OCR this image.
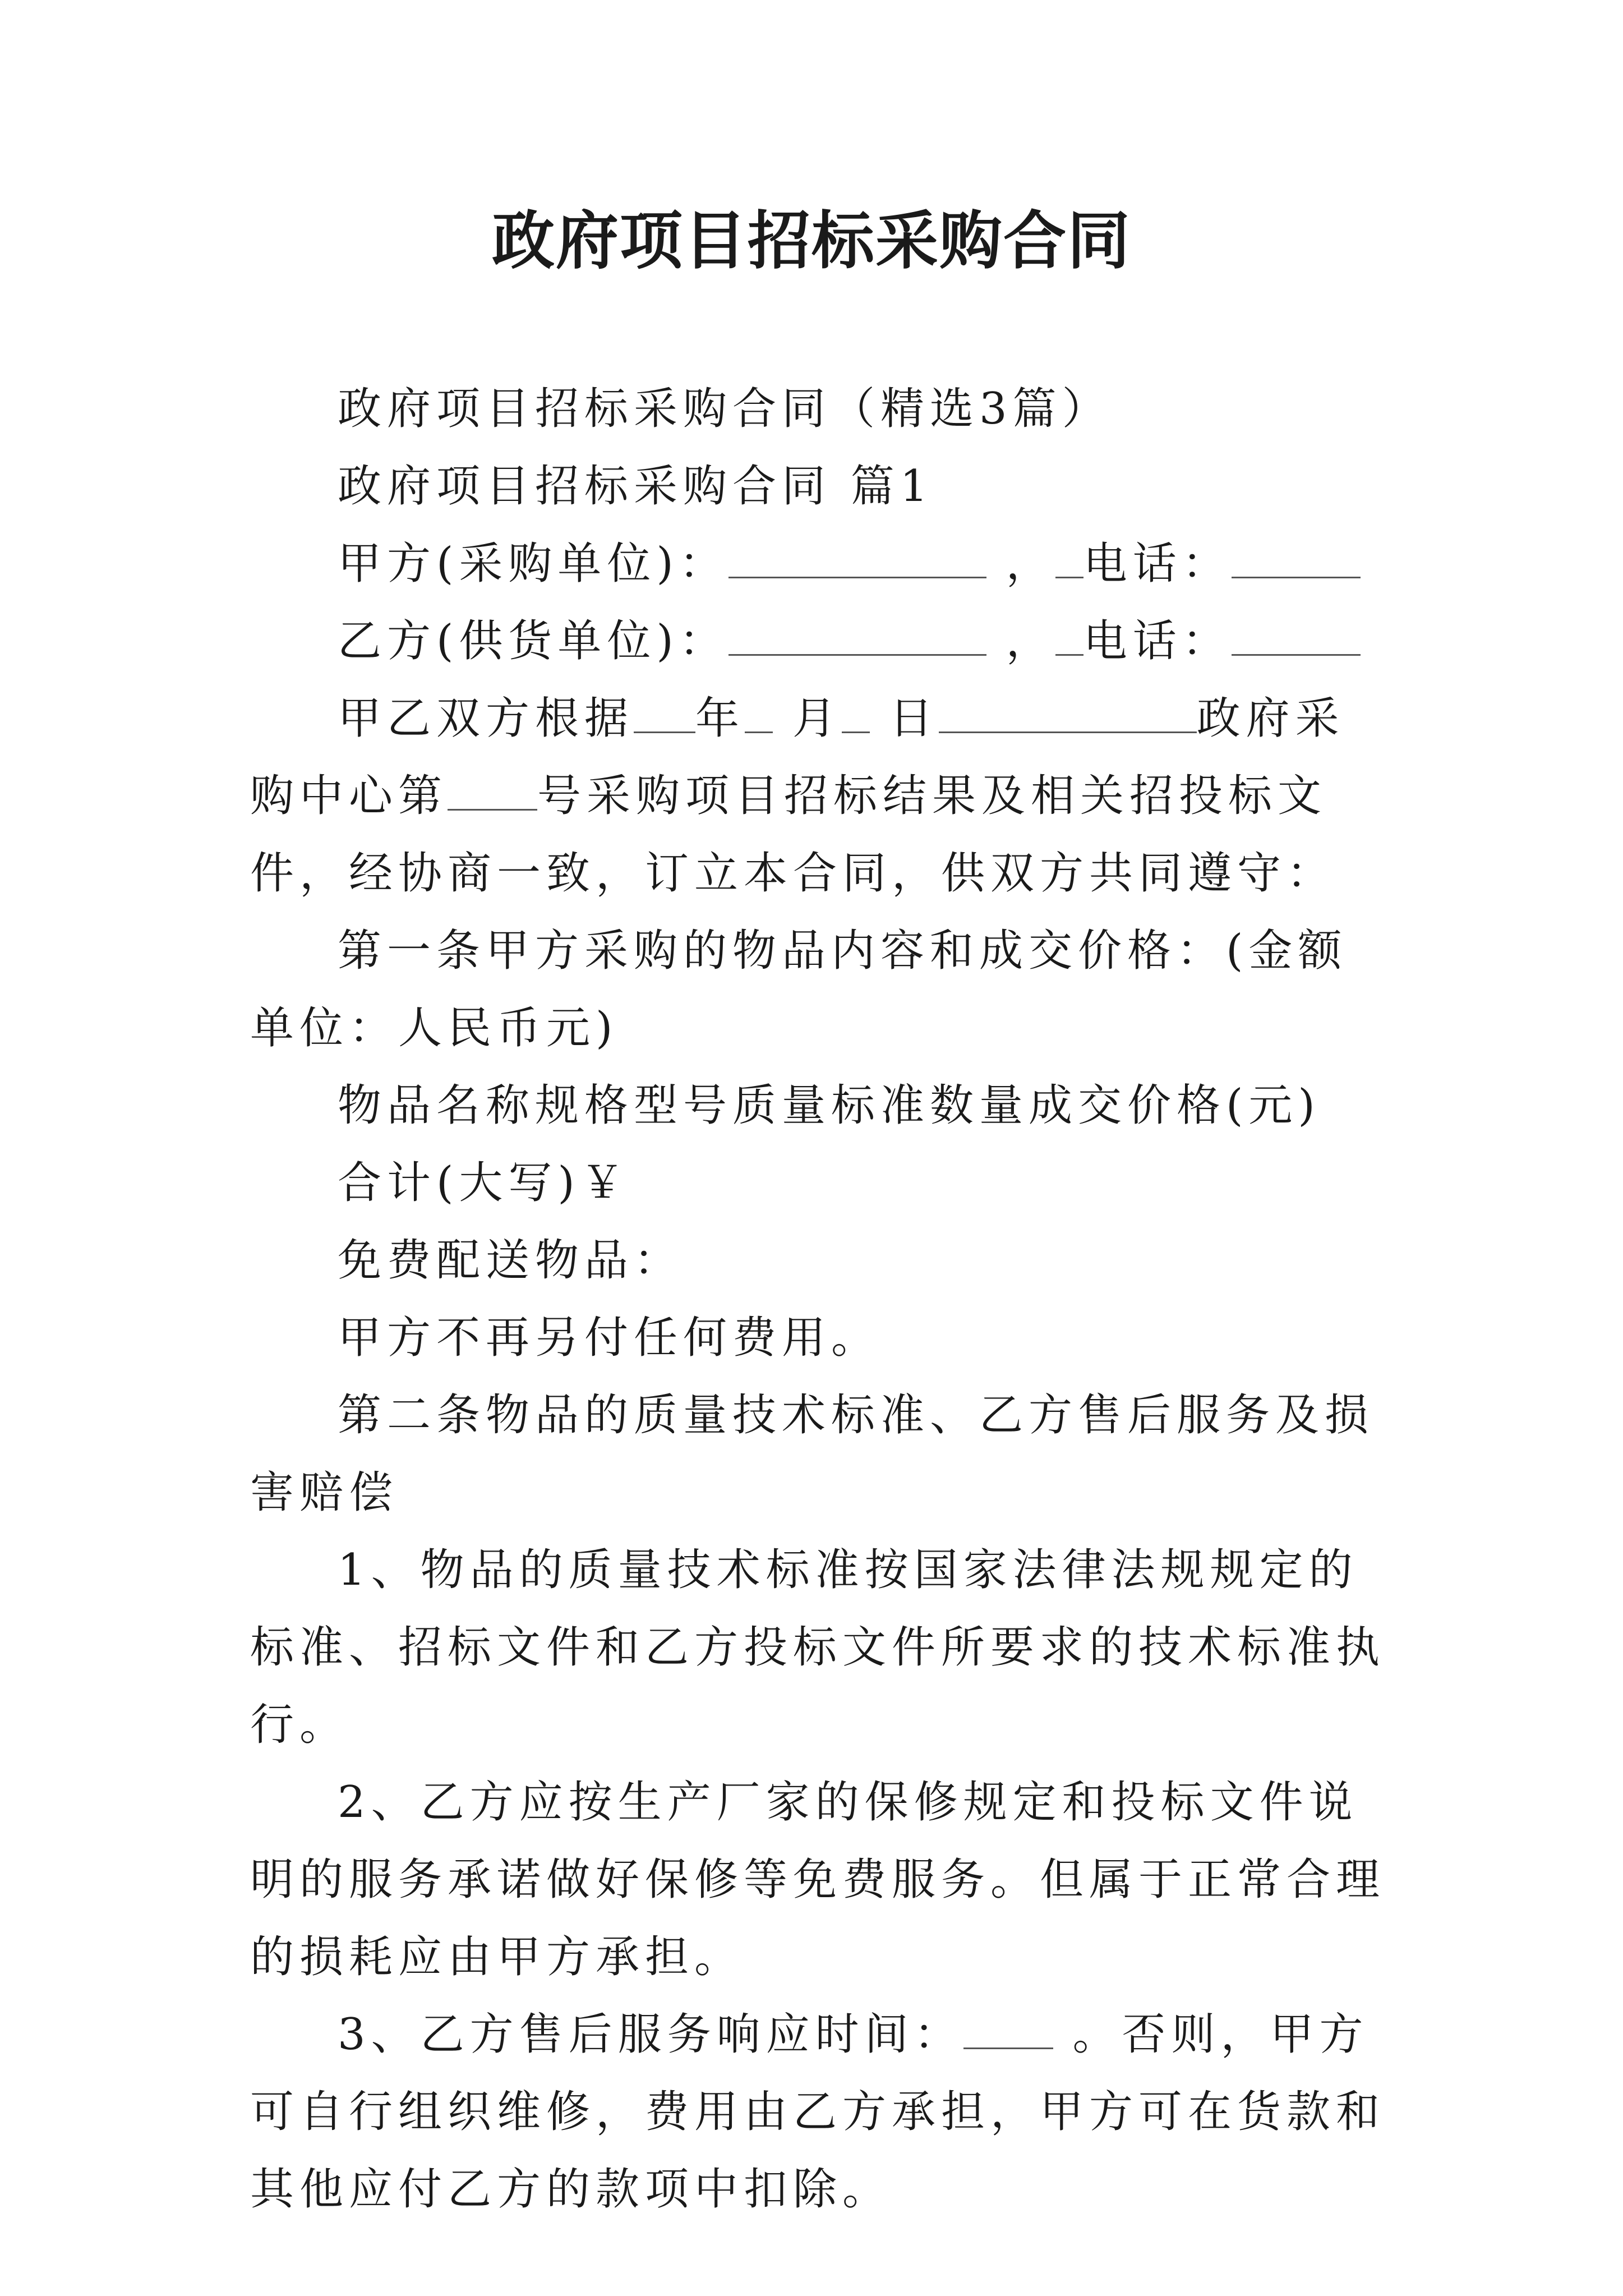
政府项目招标采购合同

政府项目招标采购合同（精选3篇）

政府项目招标采购合同 篇1

甲方(采购单位)：	， 电话：

乙方(供货单位)：	， 电话：

甲乙双方根据 年 月 日	政府采购中心第 号采购项目招标结果及相关招投标文件，经协商一致，订立本合同，供双方共同遵守：

第一条甲方采购的物品内容和成交价格：(金额单位：人民币元)

物品名称规格型号质量标准数量成交价格(元)

合计(大写)￥

免费配送物品：

甲方不再另付任何费用。

第二条物品的质量技术标准、乙方售后服务及损害赔偿

1、物品的质量技术标准按国家法律法规规定的标准、招标文件和乙方投标文件所要求的技术标准执行。

2、乙方应按生产厂家的保修规定和投标文件说明的服务承诺做好保修等免费服务。但属于正常合理的损耗应由甲方承担。

3、乙方售后服务响应时间： 。否则，甲方可自行组织维修，费用由乙方承担，甲方可在货款和其他应付乙方的款项中扣除。
